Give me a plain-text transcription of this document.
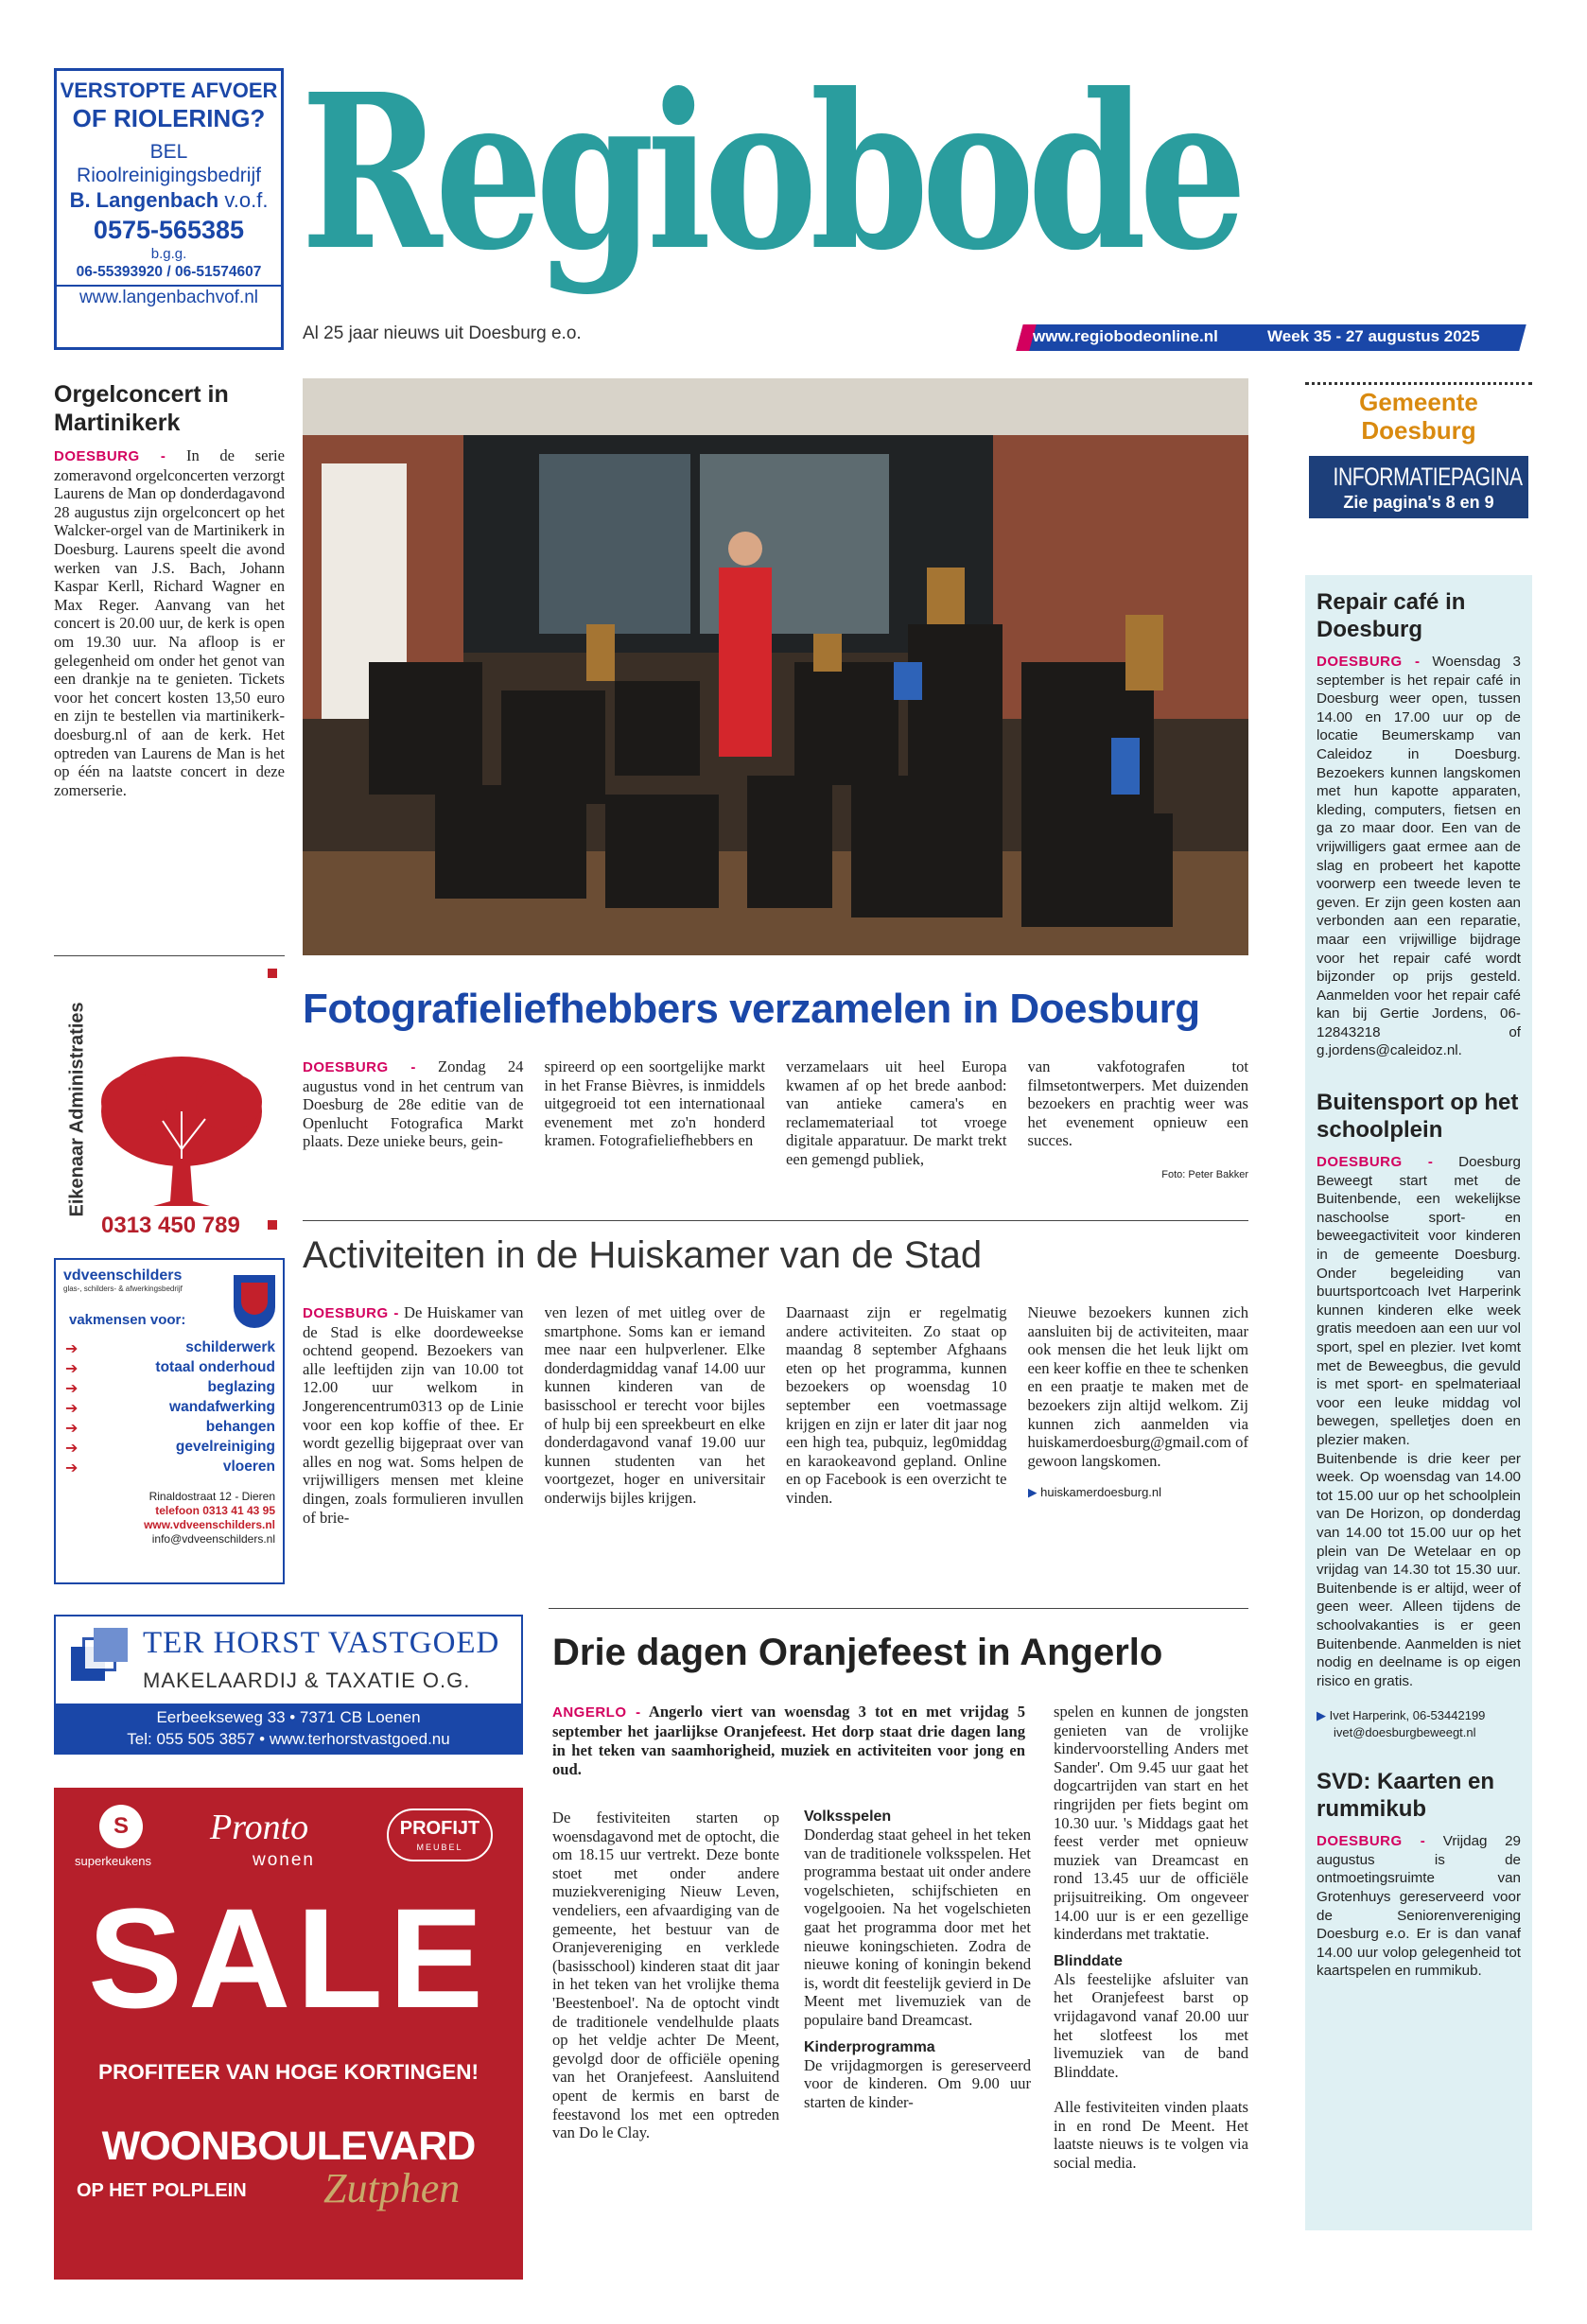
VERSTOPTE AFVOER
OF RIOLERING?
BEL
Rioolreinigingsbedrijf
B. Langenbach v.o.f.
0575-565385
b.g.g.
06-55393920 / 06-51574607
www.langenbachvof.nl Regiobode
Al 25 jaar nieuws uit Doesburg e.o.	www.regiobodeonline.nl	Week 35 - 27 augustus 2025
Orgelconcert in Martinikerk

DOESBURG - In de serie zomeravond orgelconcerten verzorgt Laurens de Man op donderdagavond 28 augustus zijn orgelconcert op het Walcker-orgel van de Martinikerk in Doesburg. Laurens speelt die avond werken van J.S. Bach, Johann Kaspar Kerll, Richard Wagner en Max Reger. Aanvang van het concert is 20.00 uur, de kerk is open om 19.30 uur. Na afloop is er gelegenheid om onder het genot van een drankje na te genieten. Tickets voor het concert kosten 13,50 euro en zijn te bestellen via martinikerk-doesburg.nl of aan de kerk. Het optreden van Laurens de Man is het op één na laatste concert in deze zomerserie.

Eikenaar Administraties
0313 450 789
vdveenschilders
glas-, schilders- & afwerkingsbedrijf
vakmensen voor:
➔
➔
➔
➔
➔
➔
➔
schilderwerk
totaal onderhoud
beglazing
wandafwerking
behangen
gevelreiniging
vloeren
Rinaldostraat 12 - Dieren
telefoon 0313 41 43 95
www.vdveenschilders.nl
info@vdveenschilders.nl
TER HORST VASTGOED
MAKELAARDIJ & TAXATIE O.G.
Eerbeekseweg 33 • 7371 CB Loenen
Tel: 055 505 3857 • www.terhorstvastgoed.nu
S
superkeukens
Pronto
wonen
PROFIJT
MEUBEL
SALE
PROFITEER VAN HOGE KORTINGEN!
WOONBOULEVARD
OP HET POLPLEIN Zutphen
Fotografieliefhebbers verzamelen in Doesburg

DOESBURG - Zondag 24 augustus vond in het centrum van Doesburg de 28e editie van de Openlucht Fotografica Markt plaats. Deze unieke beurs, gein-

spireerd op een soortgelijke markt in het Franse Bièvres, is inmiddels uitgegroeid tot een internationaal evenement met zo'n honderd kramen. Fotografieliefhebbers en

verzamelaars uit heel Europa kwamen af op het brede aanbod: van antieke camera's en reclamemateriaal tot vroege digitale apparatuur. De markt trekt een gemengd publiek,

van vakfotografen tot filmsetontwerpers. Met duizenden bezoekers en prachtig weer was het evenement opnieuw een succes.

Foto: Peter Bakker
Activiteiten in de Huiskamer van de Stad

DOESBURG - De Huiskamer van de Stad is elke doordeweekse ochtend geopend. Bezoekers van alle leeftijden zijn van 10.00 tot 12.00 uur welkom in Jongerencentrum0313 op de Linie voor een kop koffie of thee. Er wordt gezellig bijgepraat over van alles en nog wat. Soms helpen de vrijwilligers mensen met kleine dingen, zoals formulieren invullen of brie-

ven lezen of met uitleg over de smartphone. Soms kan er iemand mee naar een hulpverlener. Elke donderdagmiddag vanaf 14.00 uur kunnen kinderen van de basisschool er terecht voor bijles of hulp bij een spreekbeurt en elke donderdagavond vanaf 19.00 uur kunnen studenten van het voortgezet, hoger en universitair onderwijs bijles krijgen.

Daarnaast zijn er regelmatig andere activiteiten. Zo staat op maandag 8 september Afghaans eten op het programma, kunnen bezoekers op woensdag 10 september een voetmassage krijgen en zijn er later dit jaar nog een high tea, pubquiz, leg0middag en karaokeavond gepland. Online en op Facebook is een overzicht te vinden.

Nieuwe bezoekers kunnen zich aansluiten bij de activiteiten, maar ook mensen die het leuk lijkt om een keer koffie en thee te schenken en een praatje te maken met de bezoekers zijn altijd welkom. Zij kunnen zich aanmelden via huiskamerdoesburg@gmail.com of gewoon langskomen.

▶ huiskamerdoesburg.nl
Drie dagen Oranjefeest in Angerlo
ANGERLO - Angerlo viert van woensdag 3 tot en met vrijdag 5 september het jaarlijkse Oranjefeest. Het dorp staat drie dagen lang in het teken van saamhorigheid, muziek en activiteiten voor jong en oud.

De festiviteiten starten op woensdagavond met de optocht, die om 18.15 uur vertrekt. Deze bonte stoet met onder andere muziekvereniging Nieuw Leven, vendeliers, een afvaardiging van de gemeente, het bestuur van de Oranjevereniging en verklede (basisschool) kinderen staat dit jaar in het teken van het vrolijke thema 'Beestenboel'. Na de optocht vindt de traditionele vendelhulde plaats op het veldje achter De Meent, gevolgd door de officiële opening van het Oranjefeest. Aansluitend opent de kermis en barst de feestavond los met een optreden van Do le Clay.

Volksspelen

Donderdag staat geheel in het teken van de traditionele volksspelen. Het programma bestaat uit onder andere vogelschieten, schijfschieten en vogelgooien. Na het vogelschieten gaat het programma door met het nieuwe koningschieten. Zodra de nieuwe koning of koningin bekend is, wordt dit feestelijk gevierd in De Meent met livemuziek van de populaire band Dreamcast.

Kinderprogramma

De vrijdagmorgen is gereserveerd voor de kinderen. Om 9.00 uur starten de kinder-

spelen en kunnen de jongsten genieten van de vrolijke kindervoorstelling Anders met Sander'. Om 9.45 uur gaat het dogcartrijden van start en het ringrijden per fiets begint om 10.30 uur. 's Middags gaat het feest verder met opnieuw muziek van Dreamcast en rond 13.45 uur de officiële prijsuitreiking. Om ongeveer 14.00 uur is er een gezellige kinderdans met traktatie.

Blinddate

Als feestelijke afsluiter van het Oranjefeest barst op vrijdagavond vanaf 20.00 uur het slotfeest los met livemuziek van de band Blinddate.

Alle festiviteiten vinden plaats in en rond De Meent. Het laatste nieuws is te volgen via social media.

Gemeente
Doesburg
INFORMATIEPAGINA
Zie pagina's 8 en 9
Repair café in Doesburg

DOESBURG - Woensdag 3 september is het repair café in Doesburg weer open, tussen 14.00 en 17.00 uur op de locatie Beumerskamp van Caleidoz in Doesburg. Bezoekers kunnen langskomen met hun kapotte apparaten, kleding, computers, fietsen en ga zo maar door. Een van de vrijwilligers gaat ermee aan de slag en probeert het kapotte voorwerp een tweede leven te geven. Er zijn geen kosten aan verbonden aan een reparatie, maar een vrijwillige bijdrage voor het repair café wordt bijzonder op prijs gesteld. Aanmelden voor het repair café kan bij Gertie Jordens, 06-12843218 of g.jordens@caleidoz.nl.

Buitensport op het schoolplein

DOESBURG - Doesburg Beweegt start met de Buitenbende, een wekelijkse naschoolse sport- en beweegactiviteit voor kinderen in de gemeente Doesburg. Onder begeleiding van buurtsportcoach Ivet Harperink kunnen kinderen elke week gratis meedoen aan een uur vol sport, spel en plezier. Ivet komt met de Beweegbus, die gevuld is met sport- en spelmateriaal voor een leuke middag vol bewegen, spelletjes doen en plezier maken.

Buitenbende is drie keer per week. Op woensdag van 14.00 tot 15.00 uur op het schoolplein van De Horizon, op donderdag van 14.00 tot 15.00 uur op het plein van De Wetelaar en op vrijdag van 14.30 tot 15.30 uur. Buitenbende is er altijd, weer of geen weer. Alleen tijdens de schoolvakanties is er geen Buitenbende. Aanmelden is niet nodig en deelname is op eigen risico en gratis.

▶ Ivet Harperink, 06-53442199
ivet@doesburgbeweegt.nl
SVD: Kaarten en rummikub

DOESBURG - Vrijdag 29 augustus is de ontmoetingsruimte van Grotenhuys gereserveerd voor de Seniorenvereniging Doesburg e.o. Er is dan vanaf 14.00 uur volop gelegenheid tot kaartspelen en rummikub.
